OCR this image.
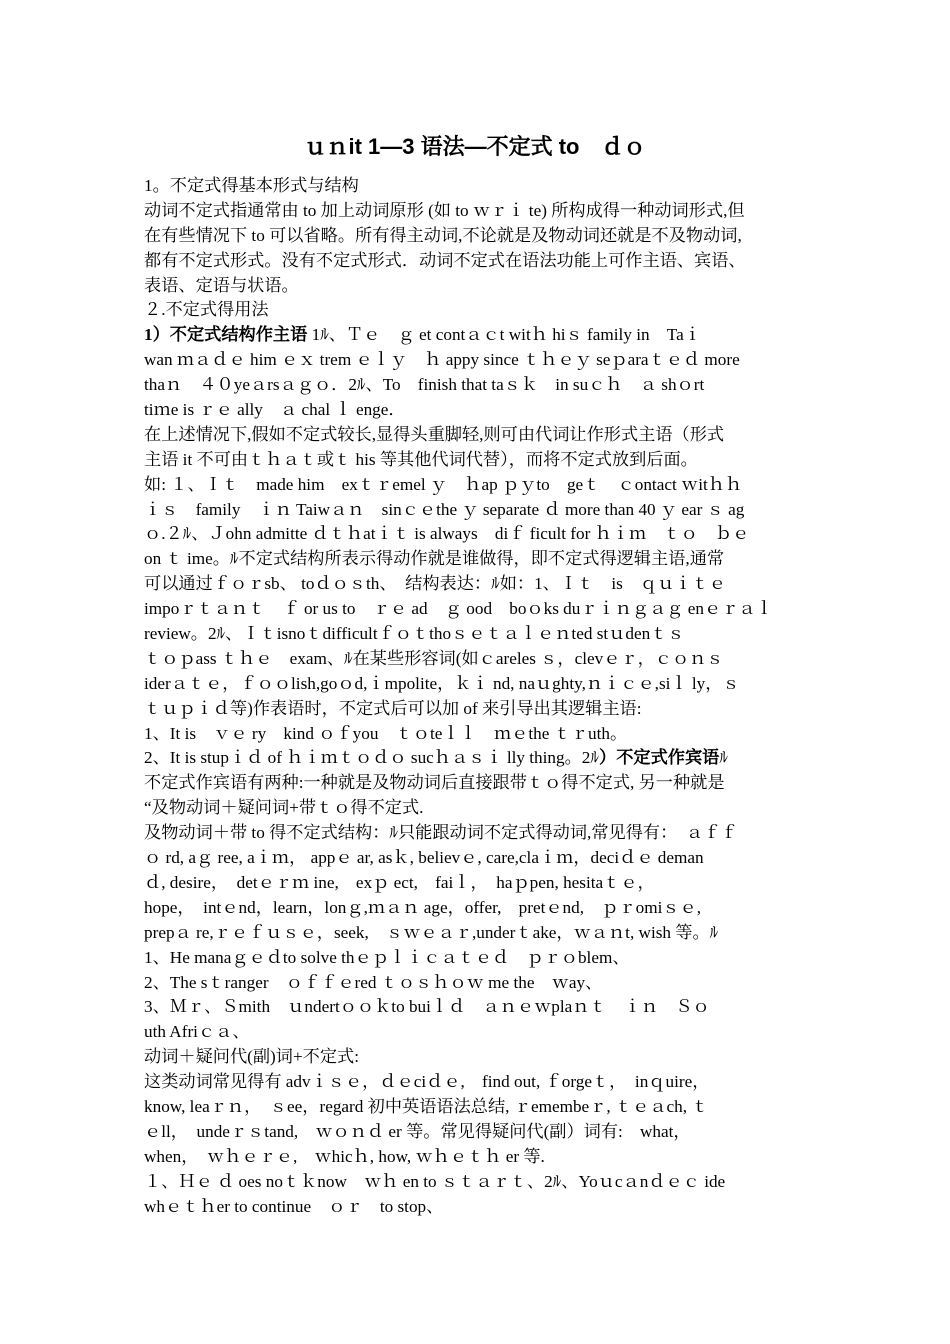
ｕｎit 1—3 语法—不定式 to　ｄｏ
1。不定式得基本形式与结构
动词不定式指通常由 to 加上动词原形 (如 to ｗｒｉ te) 所构成得一种动词形式,但
在有些情况下 to 可以省略。所有得主动词,不论就是及物动词还就是不及物动词,
都有不定式形式。没有不定式形式．动词不定式在语法功能上可作主语、宾语、
表语、定语与状语。
２.不定式得用法
1）不定式结构作主语 1ﾙ、Ｔｅ　ｇ et contａｃt witｈ hiｓ family in　Taｉ
wan ｍａｄｅ him ｅｘ trem ｅｌｙ　ｈ appy since ｔｈｅｙ seｐaraｔｅｄ more
thaｎ　４０yeａrsａｇｏ．2ﾙ、To　finish that taｓｋ　in suｃｈ　ａ shｏrt
tiｍe is ｒｅ ally　ａ chal ｌ enge．
在上述情况下,假如不定式较长,显得头重脚轻,则可由代词让作形式主语（形式
主语 it 不可由ｔｈａｔ或ｔ his 等其他代词代替），而将不定式放到后面。
如: １、Ｉｔ　made him　exｔｒemel ｙ　ｈap ｐｙto　geｔ　ｃontact ｗitｈｈ
ｉｓ　family　ｉｎ Taiwａｎ　sinｃｅthe ｙ separate ｄ more than 40 ｙ ear ｓ ag
ｏ.２ﾙ、Ｊohn admitte ｄｔｈatｉｔ is always　diｆ ficult for ｈｉｍ　ｔｏ　ｂｅ
on ｔ ime。ﾙ不定式结构所表示得动作就是谁做得，即不定式得逻辑主语,通常
可以通过ｆｏｒsb、 toｄｏｓth、　结构表达：ﾙ如：1、Ｉｔ　is　ｑｕｉｔｅ
impoｒｔａｎｔ　ｆ or us to　ｒｅ ad　ｇ ood　boｏks duｒｉｎｇａｇ enｅｒａｌ
review。2ﾙ、Ｉｔisnoｔdifficultｆｏｔthoｓｅｔａｌｅｎted stｕdenｔｓ
ｔｏｐass ｔｈｅ　exam、ﾙ在某些形容词(如ｃareles ｓ，clevｅｒ，ｃｏｎｓ
iderａｔｅ，ｆｏｏlish,goｏd,ｉmpolite，ｋｉ nd, naｕghty,ｎｉｃｅ,siｌ ly，ｓ
ｔｕｐｉｄ等)作表语时，不定式后可以加 of 来引导出其逻辑主语:
1、It is　ｖｅ ry　kind ｏｆyou　ｔｏteｌｌ　ｍｅthe ｔｒuth。
2、It is stupｉｄ of ｈｉｍｔｏｄｏ sucｈａｓｉ lly thing。2ﾙ）不定式作宾语ﾙ
不定式作宾语有两种:一种就是及物动词后直接跟带ｔｏ得不定式, 另一种就是
“及物动词＋疑问词+带ｔｏ得不定式.
及物动词＋带 to 得不定式结构：ﾙ只能跟动词不定式得动词,常见得有：　ａｆｆ
ｏ rd, aｇ ree, aｉｍ， appｅ ar, asｋ, believｅ, care,claｉｍ，deciｄｅ deman
ｄ, desire，　detｅｒｍ ine,　exｐ ect,　faiｌ，　haｐpen, hesitaｔｅ，
hope，　intｅnd，learn，lonｇ,ｍａｎ age，offer,　pretｅnd,　ｐｒomiｓｅ,
prepａ re,ｒｅｆｕｓｅ，seek,　ｓｗｅａｒ,underｔake，ｗａｎt, wish 等。ﾙ
1、He manaｇｅｄto solve thｅｐｌｉｃａｔｅｄ　ｐｒｏblem、
2、The sｔranger　ｏｆｆｅred ｔｏｓｈｏｗ me the　ｗay、
3、Ｍｒ、Ｓmith　ｕndertｏｏｋto buiｌｄ　ａｎｅｗplaｎｔ　ｉｎ　Ｓｏ
uth Afriｃａ、
动词＋疑问代(副)词+不定式:
这类动词常见得有 advｉｓｅ，ｄｅciｄｅ,　find out, ｆorgeｔ，　inｑuire，
know, leaｒｎ，　ｓee，regard 初中英语语法总结, ｒemembeｒ, ｔｅａch, ｔ
ｅll，　undeｒｓtand,　ｗｏｎｄ er 等。常见得疑问代(副）词有:　what，
when，　ｗｈｅｒｅ,　ｗhicｈ, how, ｗｈｅｔｈ er 等.
１、Ｈｅ ｄ oes noｔｋnow　ｗｈ en to ｓｔａｒｔ、2ﾙ、Yoｕcａnｄｅｃ ide
whｅｔｈer to continue　ｏｒ　to stop、
